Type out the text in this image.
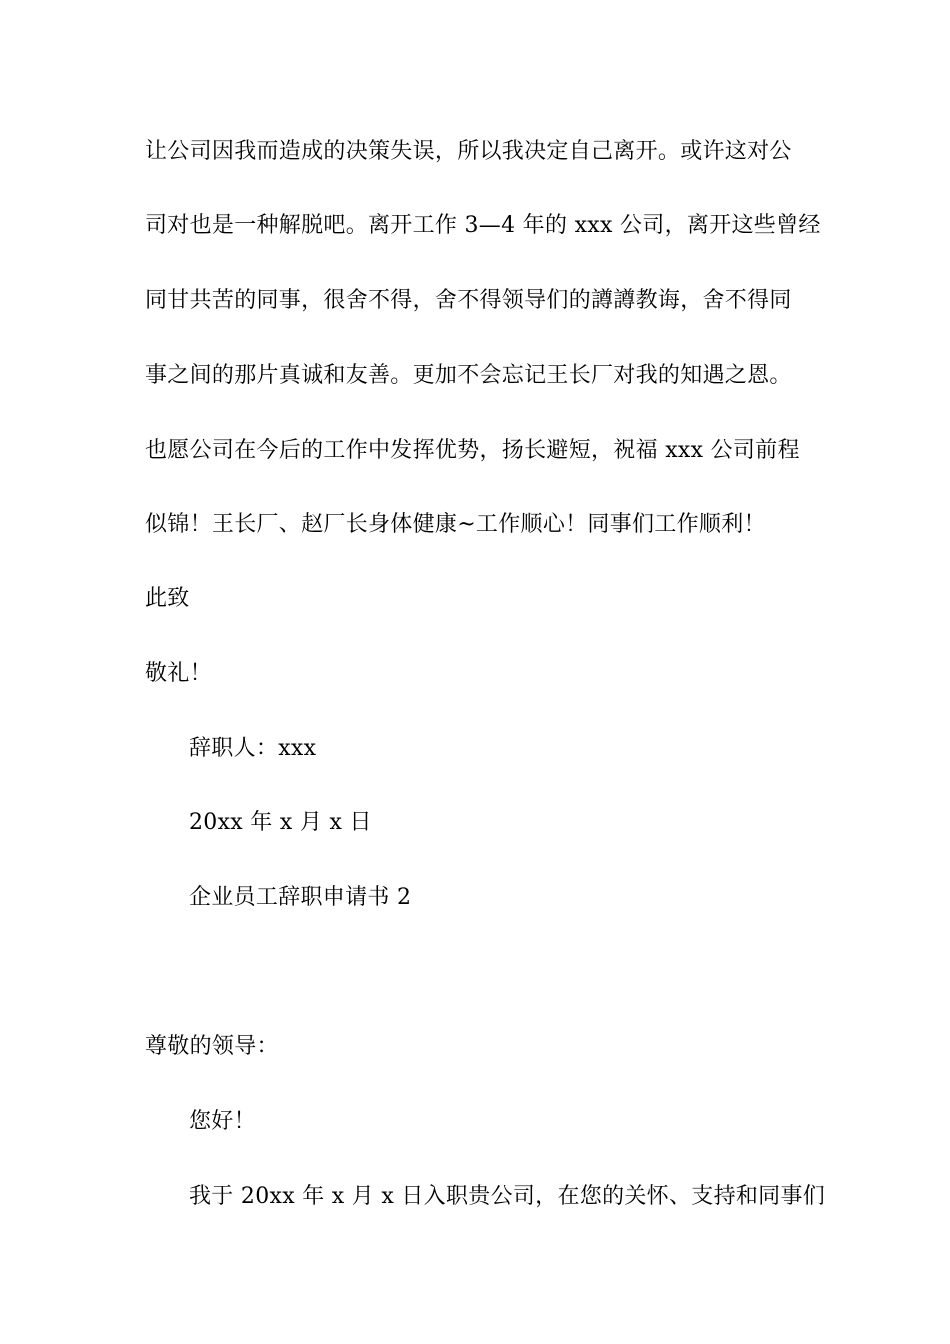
让公司因我而造成的决策失误，所以我决定自己离开。或许这对公
司对也是一种解脱吧。离开工作 3—4 年的 xxx 公司，离开这些曾经
同甘共苦的同事，很舍不得，舍不得领导们的譐譐教诲，舍不得同
事之间的那片真诚和友善。更加不会忘记王长厂对我的知遇之恩。
也愿公司在今后的工作中发挥优势，扬长避短，祝福 xxx 公司前程
似锦！王长厂、赵厂长身体健康~工作顺心！同事们工作顺利！
此致
敬礼！
辞职人：xxx
20xx 年 x 月 x 日
企业员工辞职申请书 2
尊敬的领导：
您好！
我于 20xx 年 x 月 x 日入职贵公司，在您的关怀、支持和同事们
